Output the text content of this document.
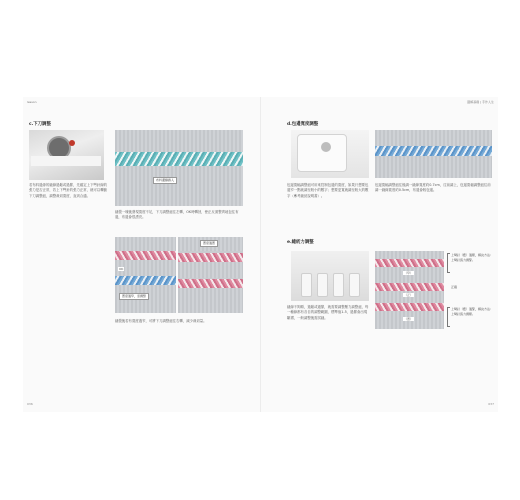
lesson
c.下刀調整
若布料邊緣的縫線過鬆或過緊，先確定上下彎針線的張力是否正常，若上下彎針的張力正常，就可以轉動下刀調整鈕，調整裁切寬度，直到合適。
布料邊緣捲入
縫製一塊後發現寬度不足，下刀調整鈕往左轉，OK時轉回，使正反面整齊地包住布邊，布邊會很漂亮。
OK
寬度過窄，需調整
寬度過寬
縫製後若有寬度過窄，可將下刀調整鈕往右轉，減少裁切量。
036
圖解基礎 | 手作人生
d.包邊寬度調整
包邊寬幅調整鈕可用來控制包邊的寬度，如果只想要包邊窄一點就調至較小的數字；想要更寬就調至較大的數字（參考縫紉說明書）。
包邊寬幅調整鈕往後調一縫線寬度約0.7cm，往前調上，包邊寬幅調整鈕往前調一縫線寬度約0.5cm，布邊會較包邊。
e.縫紉力調整
縫線不夠順，過鬆或過緊，就需要調整壓力調整鈕，每一種線都有各自的調整範圍，標準值1-5，過緊會出現皺褶，一般調整後需試縫。
（窄）
（正）
（寬）
上彎針（藍）過鬆，解決方法：上彎針張力調緊。
正確
上彎針（藍）過緊，解決方法：上彎針張力調鬆。
037
